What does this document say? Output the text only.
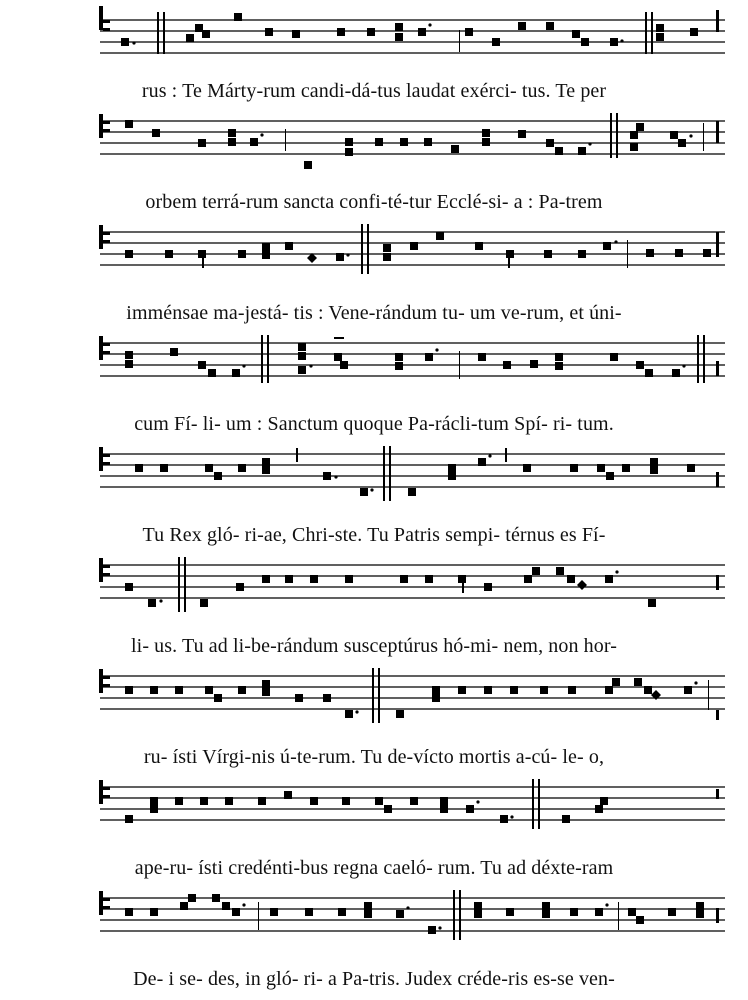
rus : Te Márty-rum candi-dá-tus laudat exérci- tus. Te per
orbem terrá-rum sancta confi-té-tur Ecclé-si- a : Pa-trem
imménsae ma-jestá- tis : Vene-rándum tu- um ve-rum, et úni-
cum Fí- li- um : Sanctum quoque Pa-rácli-tum Spí- ri- tum.
Tu Rex gló- ri-ae, Chri-ste. Tu Patris sempi- térnus es Fí-
li- us. Tu ad li-be-rándum susceptúrus hó-mi- nem, non hor-
ru- ísti Vírgi-nis ú-te-rum. Tu de-vícto mortis a-cú- le- o,
ape-ru- ísti credénti-bus regna caeló- rum. Tu ad déxte-ram
De- i se- des, in gló- ri- a Pa-tris. Judex créde-ris es-se ven-
